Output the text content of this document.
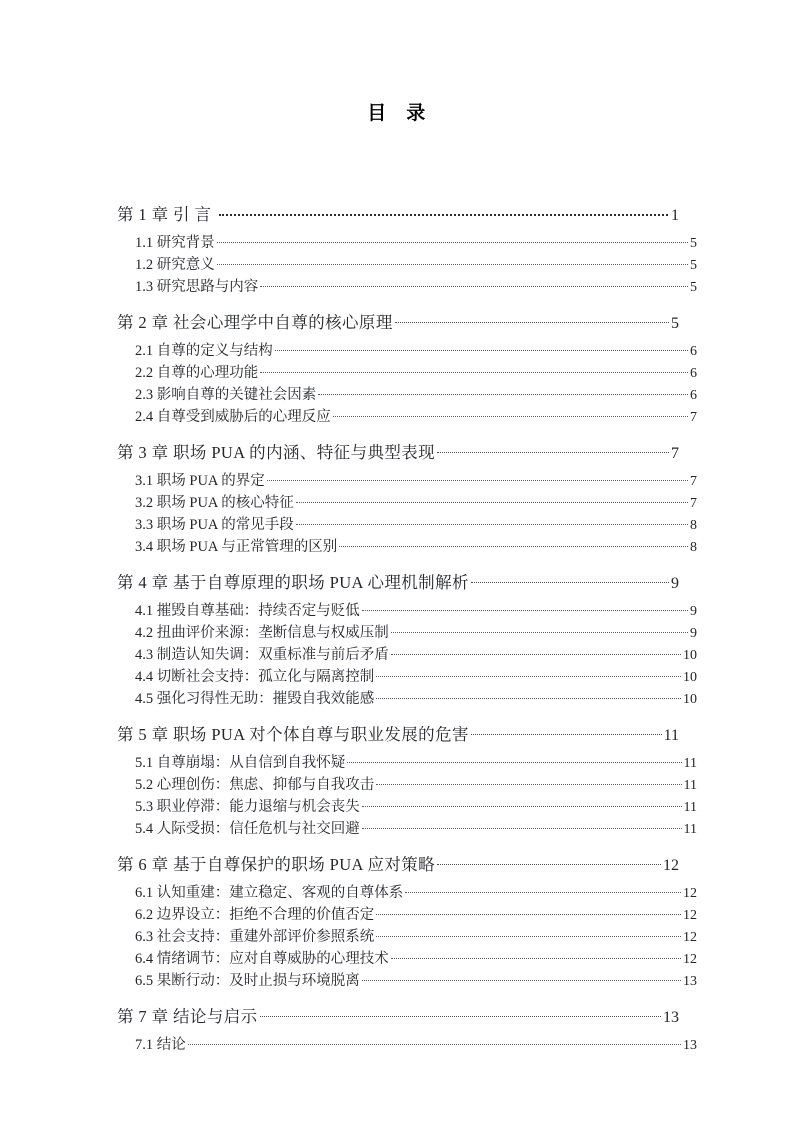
目　录
第 1 章 引 言	1
1.1 研究背景	5
1.2 研究意义	5
1.3 研究思路与内容	5
第 2 章 社会心理学中自尊的核心原理	5
2.1 自尊的定义与结构	6
2.2 自尊的心理功能	6
2.3 影响自尊的关键社会因素	6
2.4 自尊受到威胁后的心理反应	7
第 3 章 职场 PUA 的内涵、特征与典型表现	7
3.1 职场 PUA 的界定	7
3.2 职场 PUA 的核心特征	7
3.3 职场 PUA 的常见手段	8
3.4 职场 PUA 与正常管理的区别	8
第 4 章 基于自尊原理的职场 PUA 心理机制解析	9
4.1 摧毁自尊基础：持续否定与贬低	9
4.2 扭曲评价来源：垄断信息与权威压制	9
4.3 制造认知失调：双重标准与前后矛盾	10
4.4 切断社会支持：孤立化与隔离控制	10
4.5 强化习得性无助：摧毁自我效能感	10
第 5 章 职场 PUA 对个体自尊与职业发展的危害	11
5.1 自尊崩塌：从自信到自我怀疑	11
5.2 心理创伤：焦虑、抑郁与自我攻击	11
5.3 职业停滞：能力退缩与机会丧失	11
5.4 人际受损：信任危机与社交回避	11
第 6 章 基于自尊保护的职场 PUA 应对策略	12
6.1 认知重建：建立稳定、客观的自尊体系	12
6.2 边界设立：拒绝不合理的价值否定	12
6.3 社会支持：重建外部评价参照系统	12
6.4 情绪调节：应对自尊威胁的心理技术	12
6.5 果断行动：及时止损与环境脱离	13
第 7 章 结论与启示	13
7.1 结论	13
